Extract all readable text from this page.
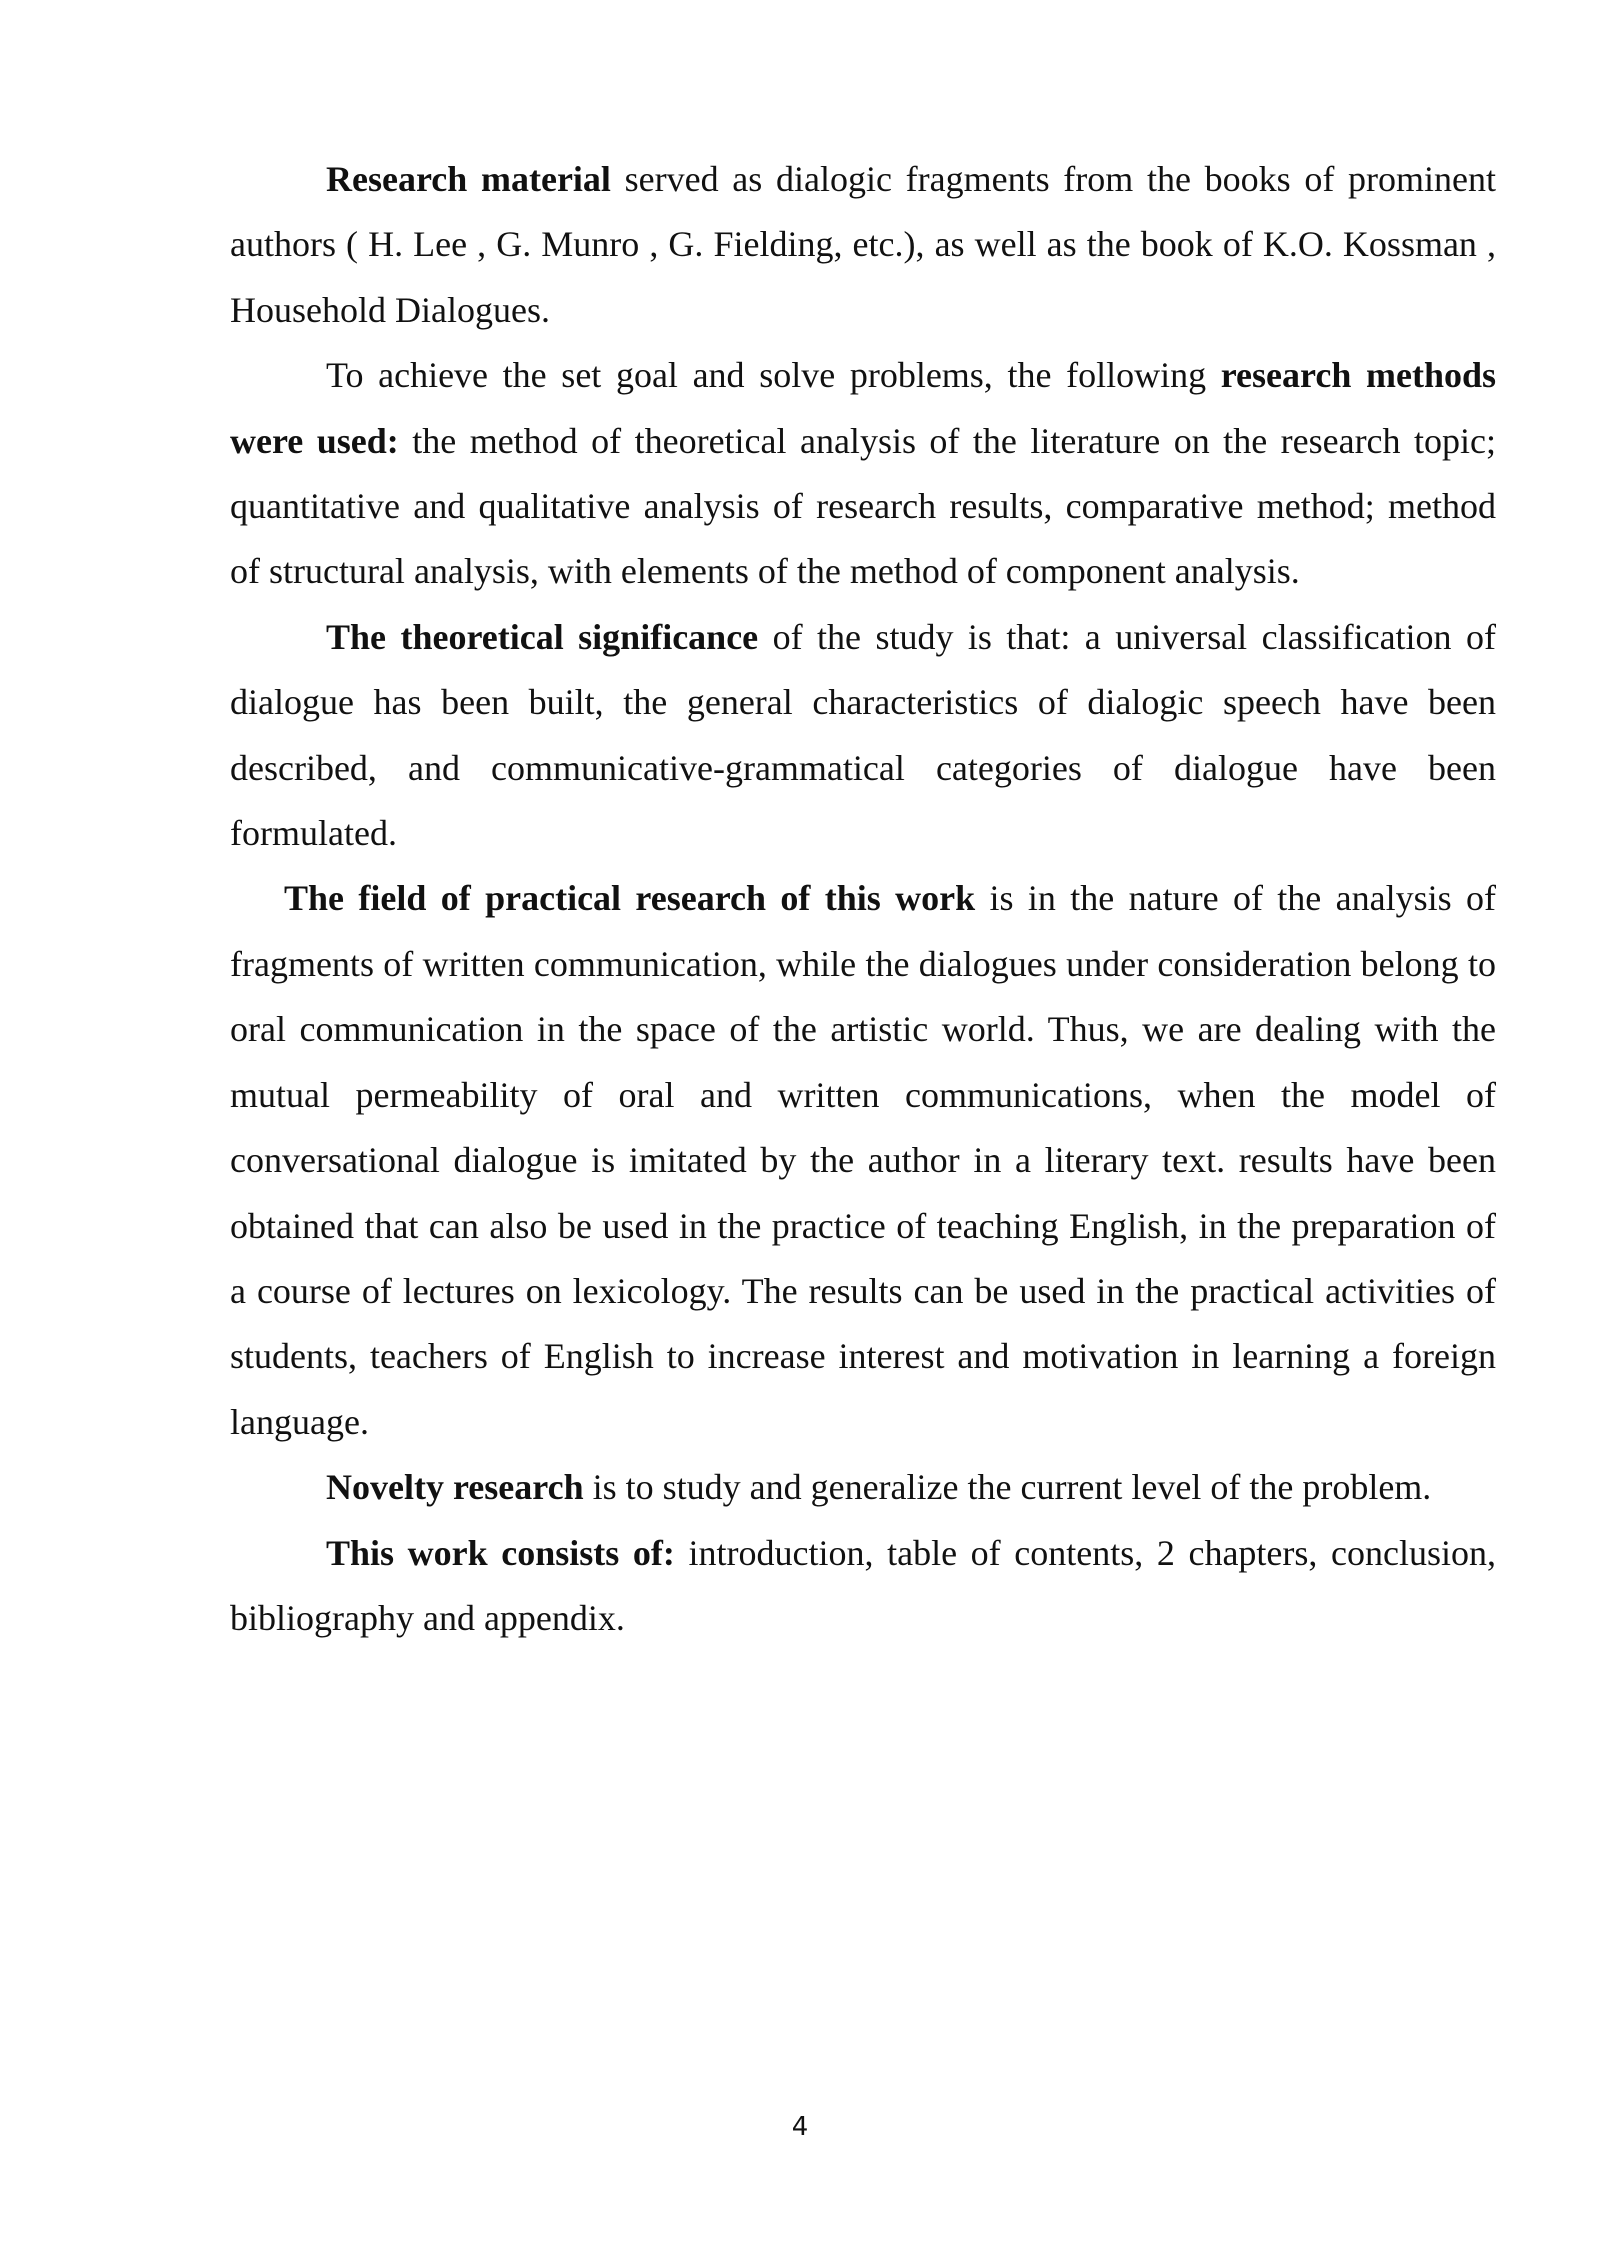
Research material served as dialogic fragments from the books of prominent authors ( H. Lee , G. Munro , G. Fielding, etc.), as well as the book of K.O. Kossman , Household Dialogues.

To achieve the set goal and solve problems, the following research methods were used: the method of theoretical analysis of the literature on the research topic; quantitative and qualitative analysis of research results, comparative method; method of structural analysis, with elements of the method of component analysis.

The theoretical significance of the study is that: a universal classification of dialogue has been built, the general characteristics of dialogic speech have been described, and communicative-grammatical categories of dialogue have been formulated.

The field of practical research of this work is in the nature of the analysis of fragments of written communication, while the dialogues under consideration belong to oral communication in the space of the artistic world. Thus, we are dealing with the mutual permeability of oral and written communications, when the model of conversational dialogue is imitated by the author in a literary text. results have been obtained that can also be used in the practice of teaching English, in the preparation of a course of lectures on lexicology. The results can be used in the practical activities of students, teachers of English to increase interest and motivation in learning a foreign language.

Novelty research is to study and generalize the current level of the problem.

This work consists of: introduction, table of contents, 2 chapters, conclusion, bibliography and appendix.

4
